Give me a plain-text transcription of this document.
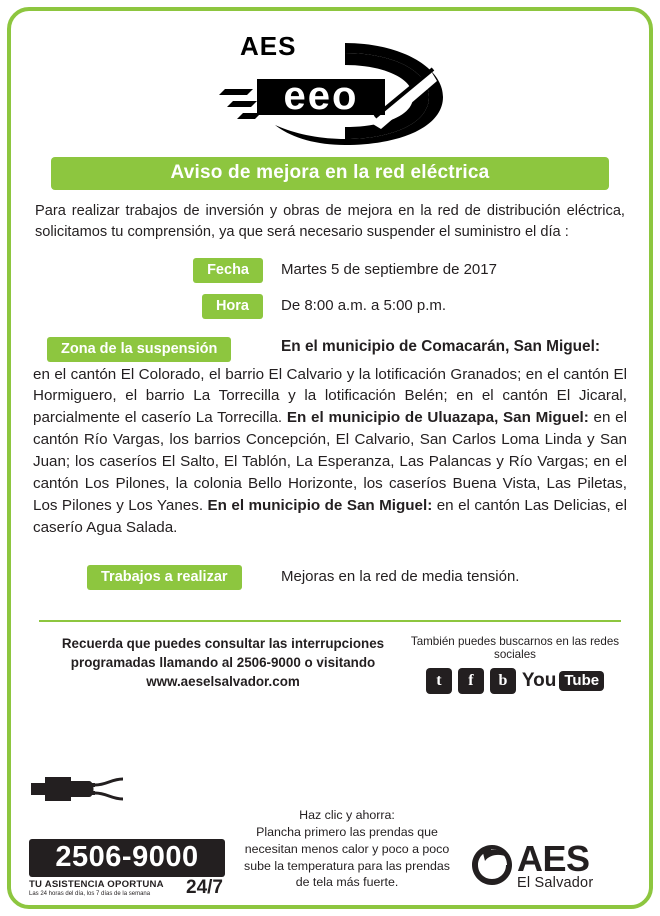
AES
eeo
Aviso de mejora en la red eléctrica
Para realizar trabajos de inversión y obras de mejora en la red de distribución eléctrica, solicitamos tu comprensión, ya que será necesario suspender el suministro el día :
Fecha	Martes 5 de septiembre de 2017
Hora	De 8:00 a.m. a 5:00 p.m.
Zona de la suspensión	En el municipio de Comacarán, San Miguel:
en el cantón El Colorado, el barrio El Calvario y la lotificación Granados; en el cantón El Hormiguero, el barrio La Torrecilla y la lotificación Belén; en el cantón El Jicaral, parcialmente el caserío La Torrecilla. En el municipio de Uluazapa, San Miguel: en el cantón Río Vargas, los barrios Concepción, El Calvario, San Carlos Loma Linda y San Juan; los caseríos El Salto, El Tablón, La Esperanza, Las Palancas y Río Vargas; en el cantón Los Pilones, la colonia Bello Horizonte, los caseríos Buena Vista, Las Piletas, Los Pilones y Los Yanes. En el municipio de San Miguel: en el cantón Las Delicias, el caserío Agua Salada.
Trabajos a realizar	Mejoras en la red de media tensión.
Recuerda que puedes consultar las interrupciones
programadas llamando al 2506-9000 o visitando
www.aeselsalvador.com
También puedes buscarnos en las redes sociales
t	f	b You Tube
2506-9000
TU ASISTENCIA OPORTUNA
Las 24 horas del día, los 7 días de la semana	24/7
Haz clic y ahorra:
Plancha primero las prendas que
necesitan menos calor y poco a poco
sube la temperatura para las prendas
de tela más fuerte.
AES
El Salvador
